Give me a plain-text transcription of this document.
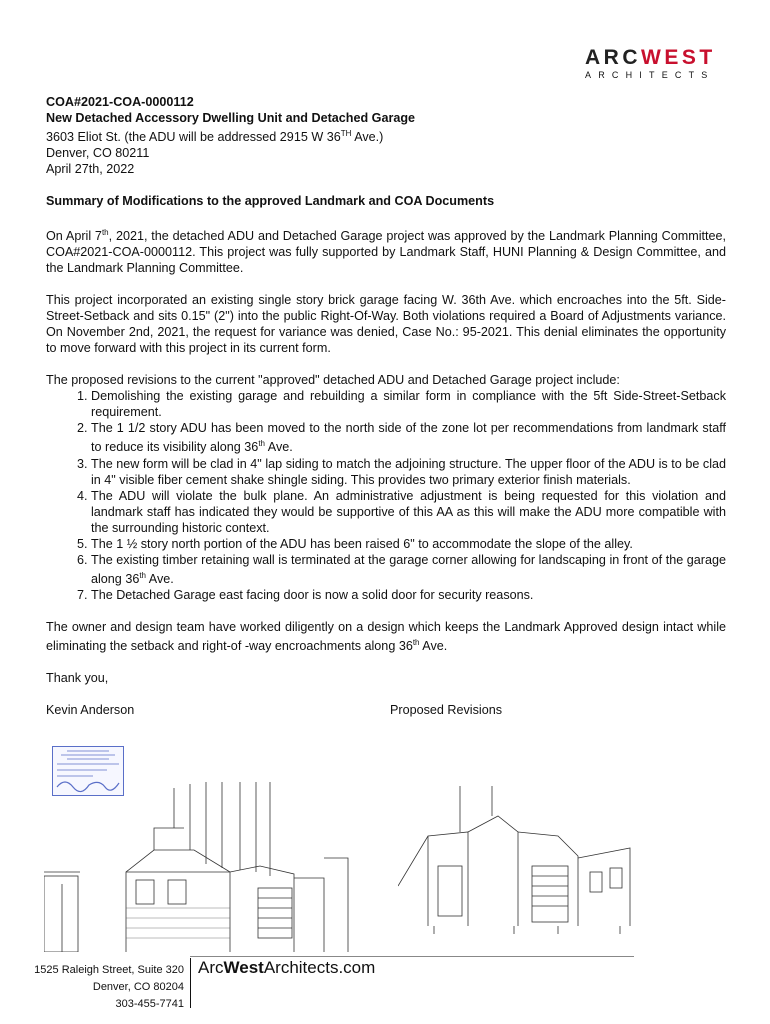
ARCWEST
ARCHITECTS

COA#2021-COA-0000112

New Detached Accessory Dwelling Unit and Detached Garage

3603 Eliot St. (the ADU will be addressed 2915 W 36TH Ave.)

Denver, CO 80211

April 27th, 2022

Summary of Modifications to the approved Landmark and COA Documents

On April 7th, 2021, the detached ADU and Detached Garage project was approved by the Landmark Planning Committee, COA#2021-COA-0000112. This project was fully supported by Landmark Staff, HUNI Planning & Design Committee, and the Landmark Planning Committee.

This project incorporated an existing single story brick garage facing W. 36th Ave. which encroaches into the 5ft. Side-Street-Setback and sits 0.15" (2") into the public Right-Of-Way. Both violations required a Board of Adjustments variance. On November 2nd, 2021, the request for variance was denied, Case No.: 95-2021. This denial eliminates the opportunity to move forward with this project in its current form.

The proposed revisions to the current "approved" detached ADU and Detached Garage project include:

1. Demolishing the existing garage and rebuilding a similar form in compliance with the 5ft Side-Street-Setback requirement.
2. The 1 1/2 story ADU has been moved to the north side of the zone lot per recommendations from landmark staff to reduce its visibility along 36th Ave.
3. The new form will be clad in 4" lap siding to match the adjoining structure. The upper floor of the ADU is to be clad in 4" visible fiber cement shake shingle siding. This provides two primary exterior finish materials.
4. The ADU will violate the bulk plane. An administrative adjustment is being requested for this violation and landmark staff has indicated they would be supportive of this AA as this will make the ADU more compatible with the surrounding historic context.
5. The 1 ½ story north portion of the ADU has been raised 6" to accommodate the slope of the alley.
6. The existing timber retaining wall is terminated at the garage corner allowing for landscaping in front of the garage along 36th Ave.
7. The Detached Garage east facing door is now a solid door for security reasons.

The owner and design team have worked diligently on a design which keeps the Landmark Approved design intact while eliminating the setback and right-of -way encroachments along 36th Ave.

Thank you,

Kevin Anderson	Proposed Revisions
1525 Raleigh Street, Suite 320
Denver, CO 80204
303-455-7741
ArcWestArchitects.com
